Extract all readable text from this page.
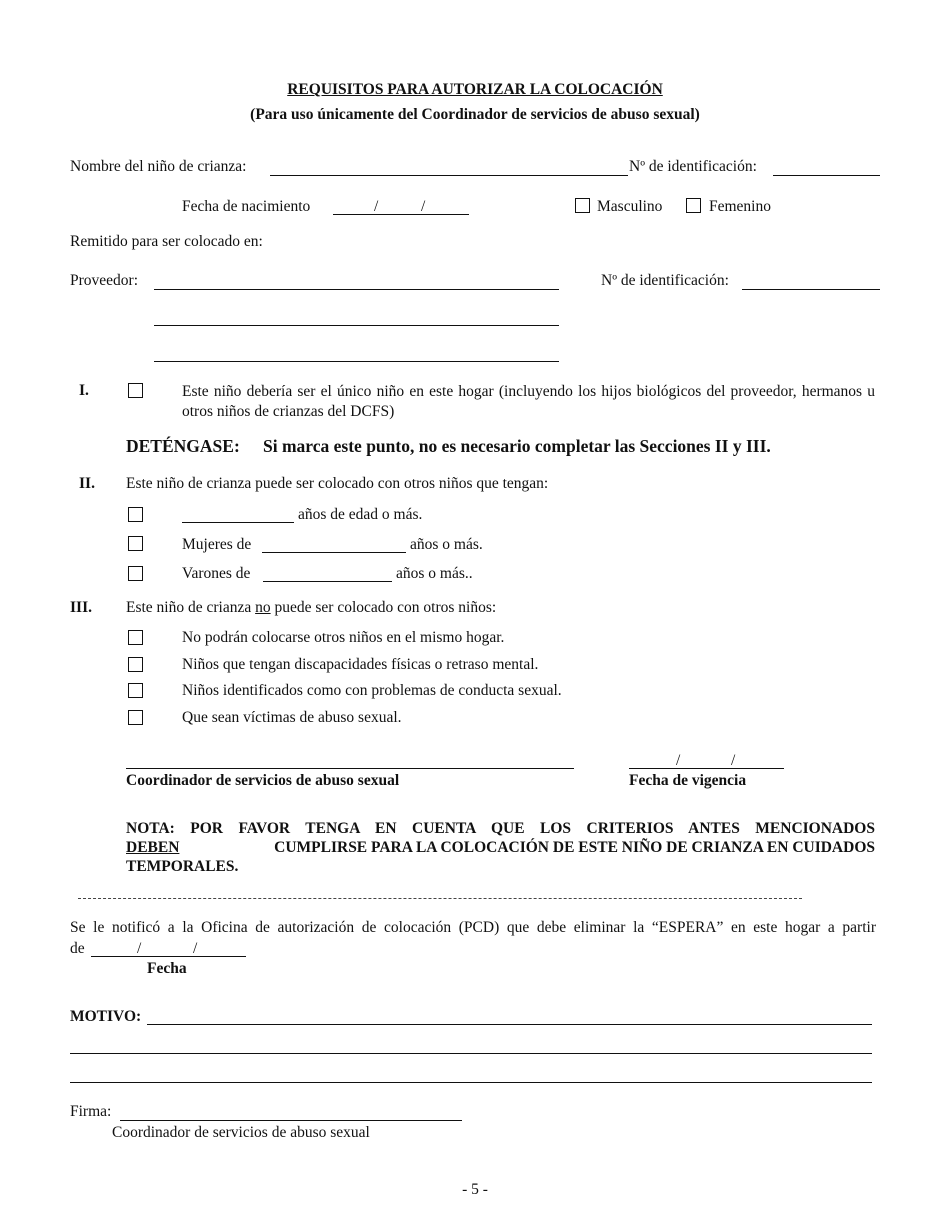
REQUISITOS PARA AUTORIZAR LA COLOCACIÓN
(Para uso únicamente del Coordinador de servicios de abuso sexual)
Nombre del niño de crianza:	Nº de identificación:
Fecha de nacimiento	/	/	Masculino	Femenino
Remitido para ser colocado en:
Proveedor:	Nº de identificación:
I.	Este niño debería ser el único niño en este hogar (incluyendo los hijos biológicos del proveedor, hermanos u otros niños de crianzas del DCFS)
DETÉNGASE: Si marca este punto, no es necesario completar las Secciones II y III.
II. Este niño de crianza puede ser colocado con otros niños que tengan:
años de edad o más.
Mujeres de	años o más.
Varones de	años o más..
III. Este niño de crianza no puede ser colocado con otros niños:
No podrán colocarse otros niños en el mismo hogar.
Niños que tengan discapacidades físicas o retraso mental.
Niños identificados como con problemas de conducta sexual.
Que sean víctimas de abuso sexual.
Coordinador de servicios de abuso sexual
/	/
Fecha de vigencia
NOTA: POR FAVOR TENGA EN CUENTA QUE LOS CRITERIOS ANTES MENCIONADOS
DEBEN	CUMPLIRSE PARA LA COLOCACIÓN DE ESTE NIÑO DE CRIANZA EN CUIDADOS
TEMPORALES.
Se le notificó a la Oficina de autorización de colocación (PCD) que debe eliminar la “ESPERA” en este hogar a partir
de	/	/
Fecha
MOTIVO:
Firma:
Coordinador de servicios de abuso sexual
- 5 -
